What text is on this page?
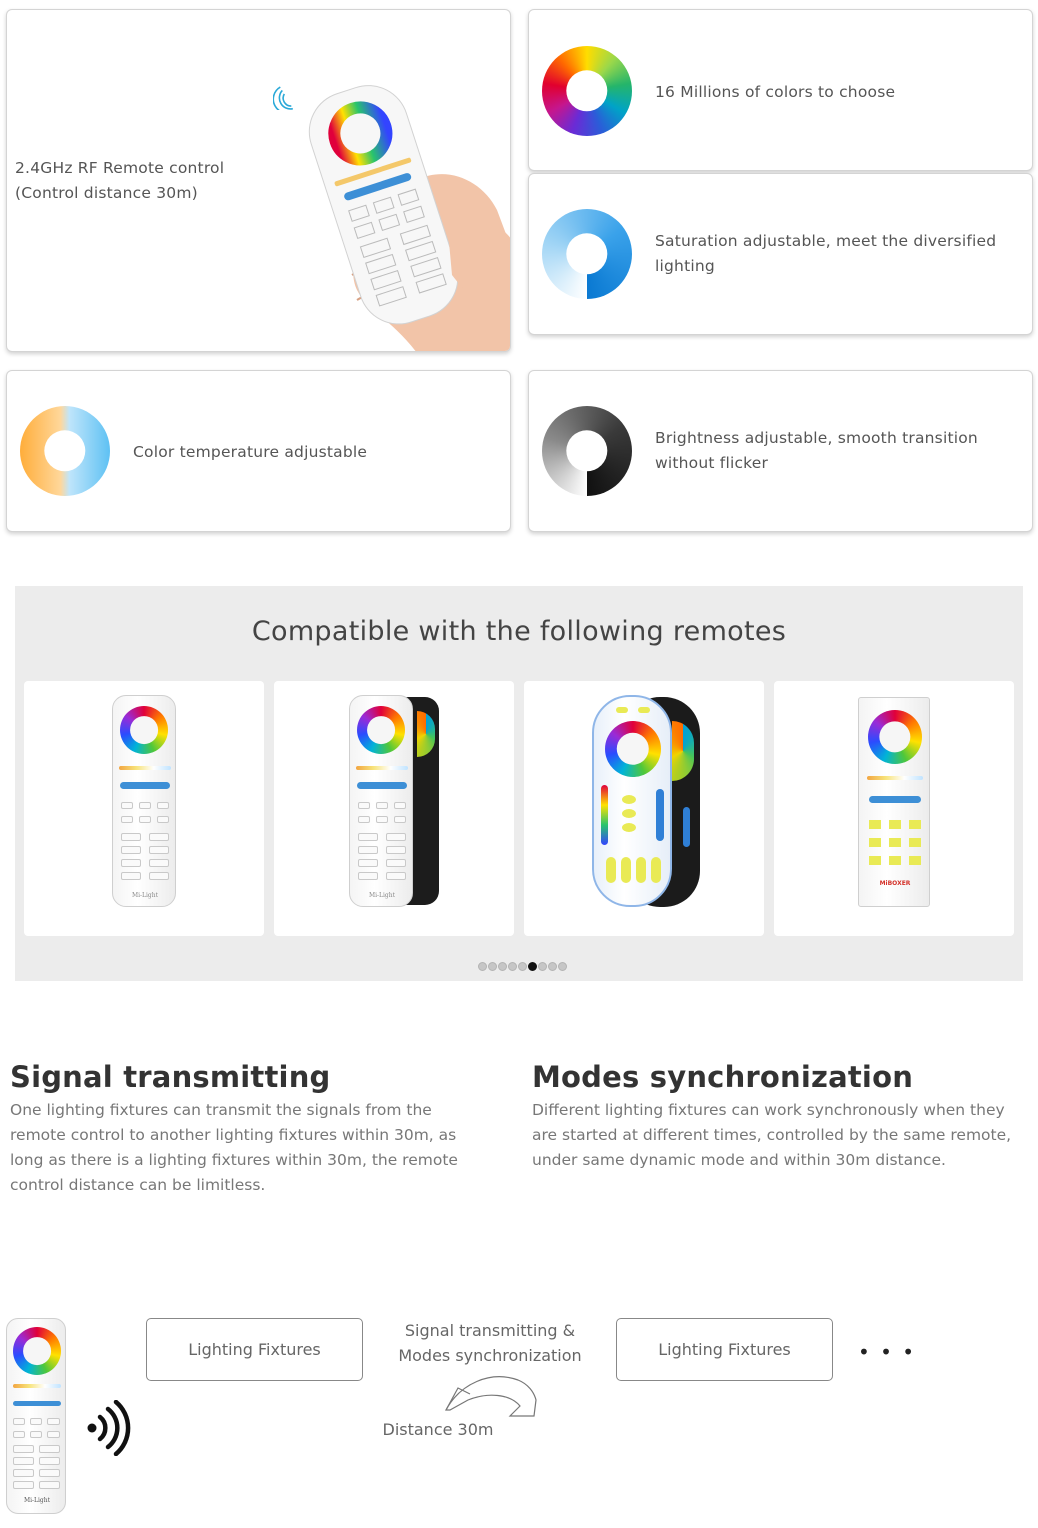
2.4GHz RF Remote control
(Control distance 30m)
16 Millions of colors to choose
Saturation adjustable, meet the diversified lighting
Color temperature adjustable
Brightness adjustable, smooth transition without flicker
Compatible with the following remotes
Mi-Light	Mi-Light
MiBOXER
Signal transmitting
One lighting fixtures can transmit the signals from the remote control to another lighting fixtures within 30m, as long as there is a lighting fixtures within 30m, the remote control distance can be limitless.
Modes synchronization
Different lighting fixtures can work synchronously when they are started at different times, controlled by the same remote, under same dynamic mode and within 30m distance.
Mi-Light
Lighting Fixtures
Signal transmitting &
Modes synchronization
Distance 30m
Lighting Fixtures	• • •
